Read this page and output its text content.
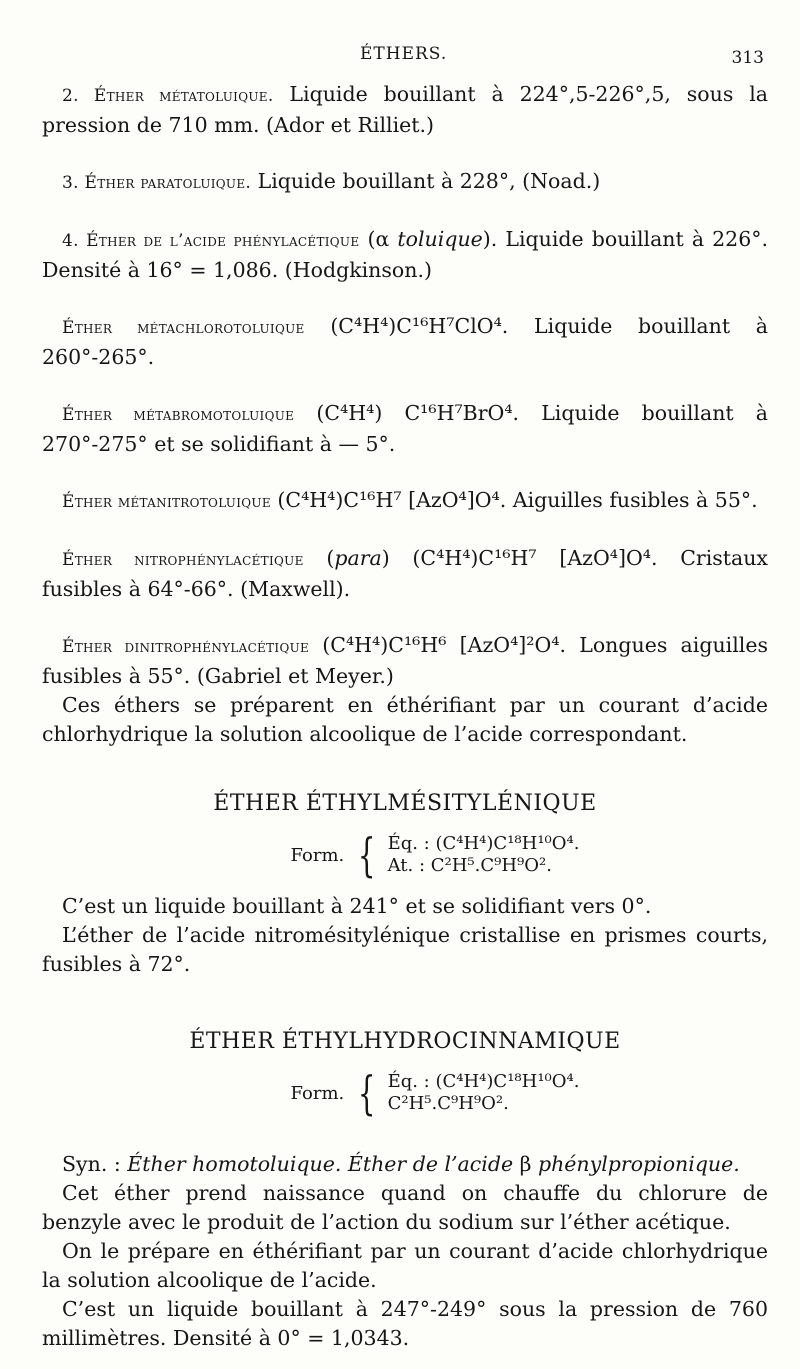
ÉTHERS.	313

2. Éther métatoluique. Liquide bouillant à 224°,5-226°,5, sous la pression de 710 mm. (Ador et Rilliet.)

3. Éther paratoluique. Liquide bouillant à 228°, (Noad.)

4. Éther de l’acide phénylacétique (α toluique). Liquide bouillant à 226°. Densité à 16° = 1,086. (Hodgkinson.)

Éther métachlorotoluique (C⁴H⁴)C¹⁶H⁷ClO⁴. Liquide bouillant à 260°-265°.

Éther métabromotoluique (C⁴H⁴) C¹⁶H⁷BrO⁴. Liquide bouillant à 270°-275° et se solidifiant à — 5°.

Éther métanitrotoluique (C⁴H⁴)C¹⁶H⁷ [AzO⁴]O⁴. Aiguilles fusibles à 55°.

Éther nitrophénylacétique (para) (C⁴H⁴)C¹⁶H⁷ [AzO⁴]O⁴. Cristaux fusibles à 64°-66°. (Maxwell).

Éther dinitrophénylacétique (C⁴H⁴)C¹⁶H⁶ [AzO⁴]²O⁴. Longues aiguilles fusibles à 55°. (Gabriel et Meyer.)

Ces éthers se préparent en éthérifiant par un courant d’acide chlorhydrique la solution alcoolique de l’acide correspondant.

ÉTHER ÉTHYLMÉSITYLÉNIQUE

Form. { Éq. : (C⁴H⁴)C¹⁸H¹⁰O⁴.
At. : C²H⁵.C⁹H⁹O².

C’est un liquide bouillant à 241° et se solidifiant vers 0°.

L’éther de l’acide nitromésitylénique cristallise en prismes courts, fusibles à 72°.

ÉTHER ÉTHYLHYDROCINNAMIQUE

Form. { Éq. : (C⁴H⁴)C¹⁸H¹⁰O⁴.
C²H⁵.C⁹H⁹O².

Syn. : Éther homotoluique. Éther de l’acide β phénylpropionique.

Cet éther prend naissance quand on chauffe du chlorure de benzyle avec le produit de l’action du sodium sur l’éther acétique.

On le prépare en éthérifiant par un courant d’acide chlorhydrique la solution alcoolique de l’acide.

C’est un liquide bouillant à 247°-249° sous la pression de 760 millimètres. Densité à 0° = 1,0343.
